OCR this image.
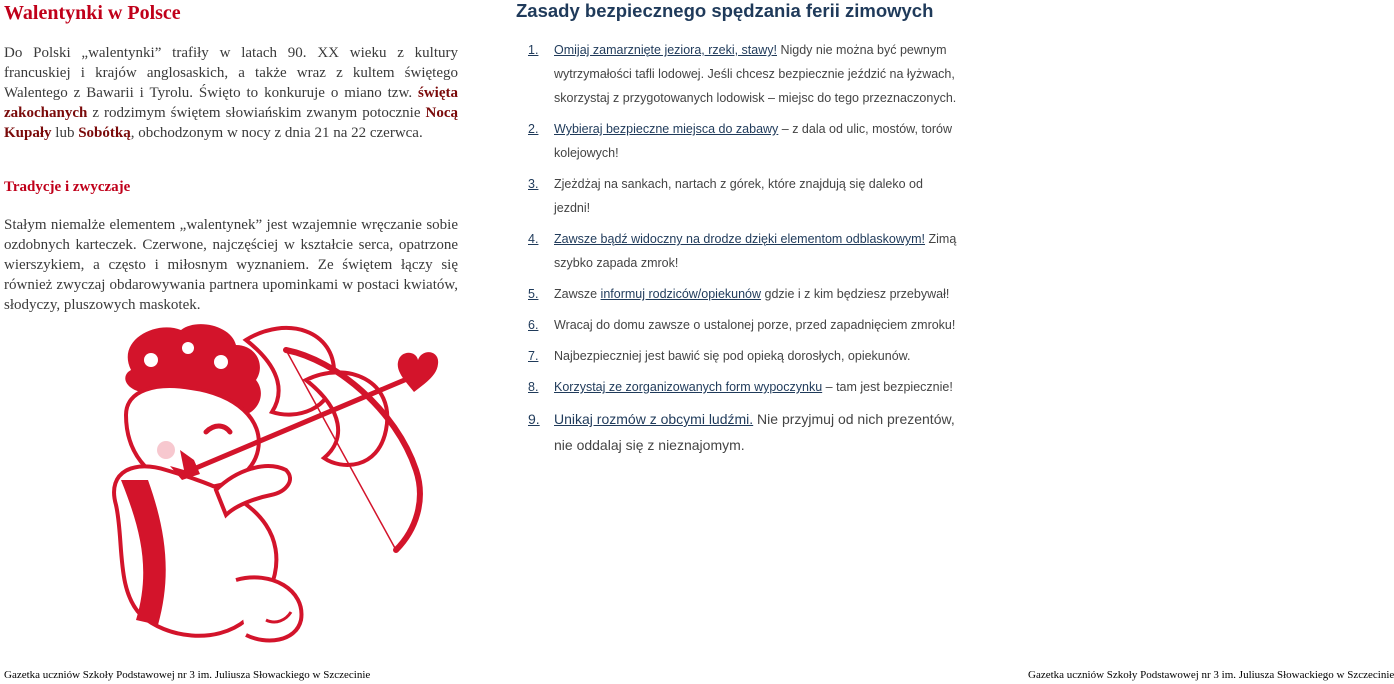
Walentynki w Polsce

Do Polski „walentynki” trafiły w latach 90. XX wieku z kultury francuskiej i krajów anglosaskich, a także wraz z kultem świętego Walentego z Bawarii i Tyrolu. Święto to konkuruje o miano tzw. święta zakochanych z rodzimym świętem słowiańskim zwanym potocznie Nocą Kupały lub Sobótką, obchodzonym w nocy z dnia 21 na 22 czerwca.

Tradycje i zwyczaje

Stałym niemalże elementem „walentynek” jest wzajemnie wręczanie sobie ozdobnych karteczek. Czerwone, najczęściej w kształcie serca, opatrzone wierszykiem, a często i miłosnym wyznaniem. Ze świętem łączy się również zwyczaj obdarowywania partnera upominkami w postaci kwiatów, słodyczy, pluszowych maskotek.

Gazetka uczniów Szkoły Podstawowej nr 3 im. Juliusza Słowackiego w Szczecinie
Zasady bezpiecznego spędzania ferii zimowych
1. Omijaj zamarznięte jeziora, rzeki, stawy! Nigdy nie można być pewnym wytrzymałości tafli lodowej. Jeśli chcesz bezpiecznie jeździć na łyżwach, skorzystaj z przygotowanych lodowisk – miejsc do tego przeznaczonych.
2. Wybieraj bezpieczne miejsca do zabawy – z dala od ulic, mostów, torów kolejowych!
3. Zjeżdżaj na sankach, nartach z górek, które znajdują się daleko od jezdni!
4. Zawsze bądź widoczny na drodze dzięki elementom odblaskowym! Zimą szybko zapada zmrok!
5. Zawsze informuj rodziców/opiekunów gdzie i z kim będziesz przebywał!
6. Wracaj do domu zawsze o ustalonej porze, przed zapadnięciem zmroku!
7. Najbezpieczniej jest bawić się pod opieką dorosłych, opiekunów.
8. Korzystaj ze zorganizowanych form wypoczynku – tam jest bezpiecznie!
9. Unikaj rozmów z obcymi ludźmi. Nie przyjmuj od nich prezentów, nie oddalaj się z nieznajomym.
Gazetka uczniów Szkoły Podstawowej nr 3 im. Juliusza Słowackiego w Szczecinie
